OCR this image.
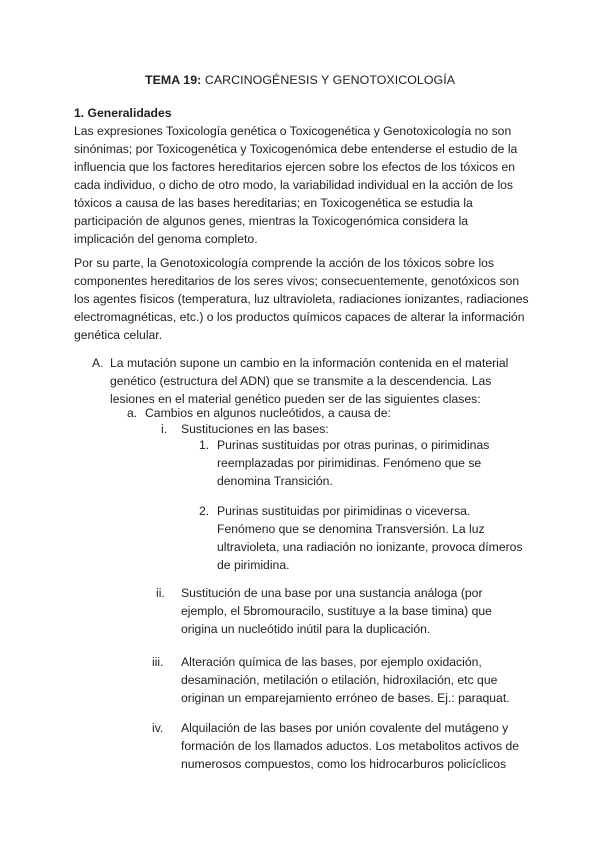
TEMA 19: CARCINOGÉNESIS Y GENOTOXICOLOGÍA
1. Generalidades
Las expresiones Toxicología genética o Toxicogenética y Genotoxicología no son
sinónimas; por Toxicogenética y Toxicogenómica debe entenderse el estudio de la
influencia que los factores hereditarios ejercen sobre los efectos de los tóxicos en
cada individuo, o dicho de otro modo, la variabilidad individual en la acción de los
tóxicos a causa de las bases hereditarias; en Toxicogenética se estudia la
participación de algunos genes, mientras la Toxicogenómica considera la
implicación del genoma completo.
Por su parte, la Genotoxicología comprende la acción de los tóxicos sobre los
componentes hereditarios de los seres vivos; consecuentemente, genotóxicos son
los agentes físicos (temperatura, luz ultravioleta, radiaciones ionizantes, radiaciones
electromagnéticas, etc.) o los productos químicos capaces de alterar la información
genética celular.
A. La mutación supone un cambio en la información contenida en el material
genético (estructura del ADN) que se transmite a la descendencia. Las
lesiones en el material genético pueden ser de las siguientes clases:
a. Cambios en algunos nucleótidos, a causa de:
i. Sustituciones en las bases:
1. Purinas sustituidas por otras purinas, o pirimidinas
reemplazadas por pirimidinas. Fenómeno que se
denomina Transición.
2. Purinas sustituidas por pirimidinas o viceversa.
Fenómeno que se denomina Transversión. La luz
ultravioleta, una radiación no ionizante, provoca dímeros
de pirimidina.
ii. Sustitución de una base por una sustancia análoga (por
ejemplo, el 5bromouracilo, sustituye a la base timina) que
origina un nucleótido inútil para la duplicación.
iii. Alteración química de las bases, por ejemplo oxidación,
desaminación, metilación o etilación, hidroxilación, etc que
originan un emparejamiento erróneo de bases. Ej.: paraquat.
iv. Alquilación de las bases por unión covalente del mutágeno y
formación de los llamados aductos. Los metabolitos activos de
numerosos compuestos, como los hidrocarburos policíclicos
